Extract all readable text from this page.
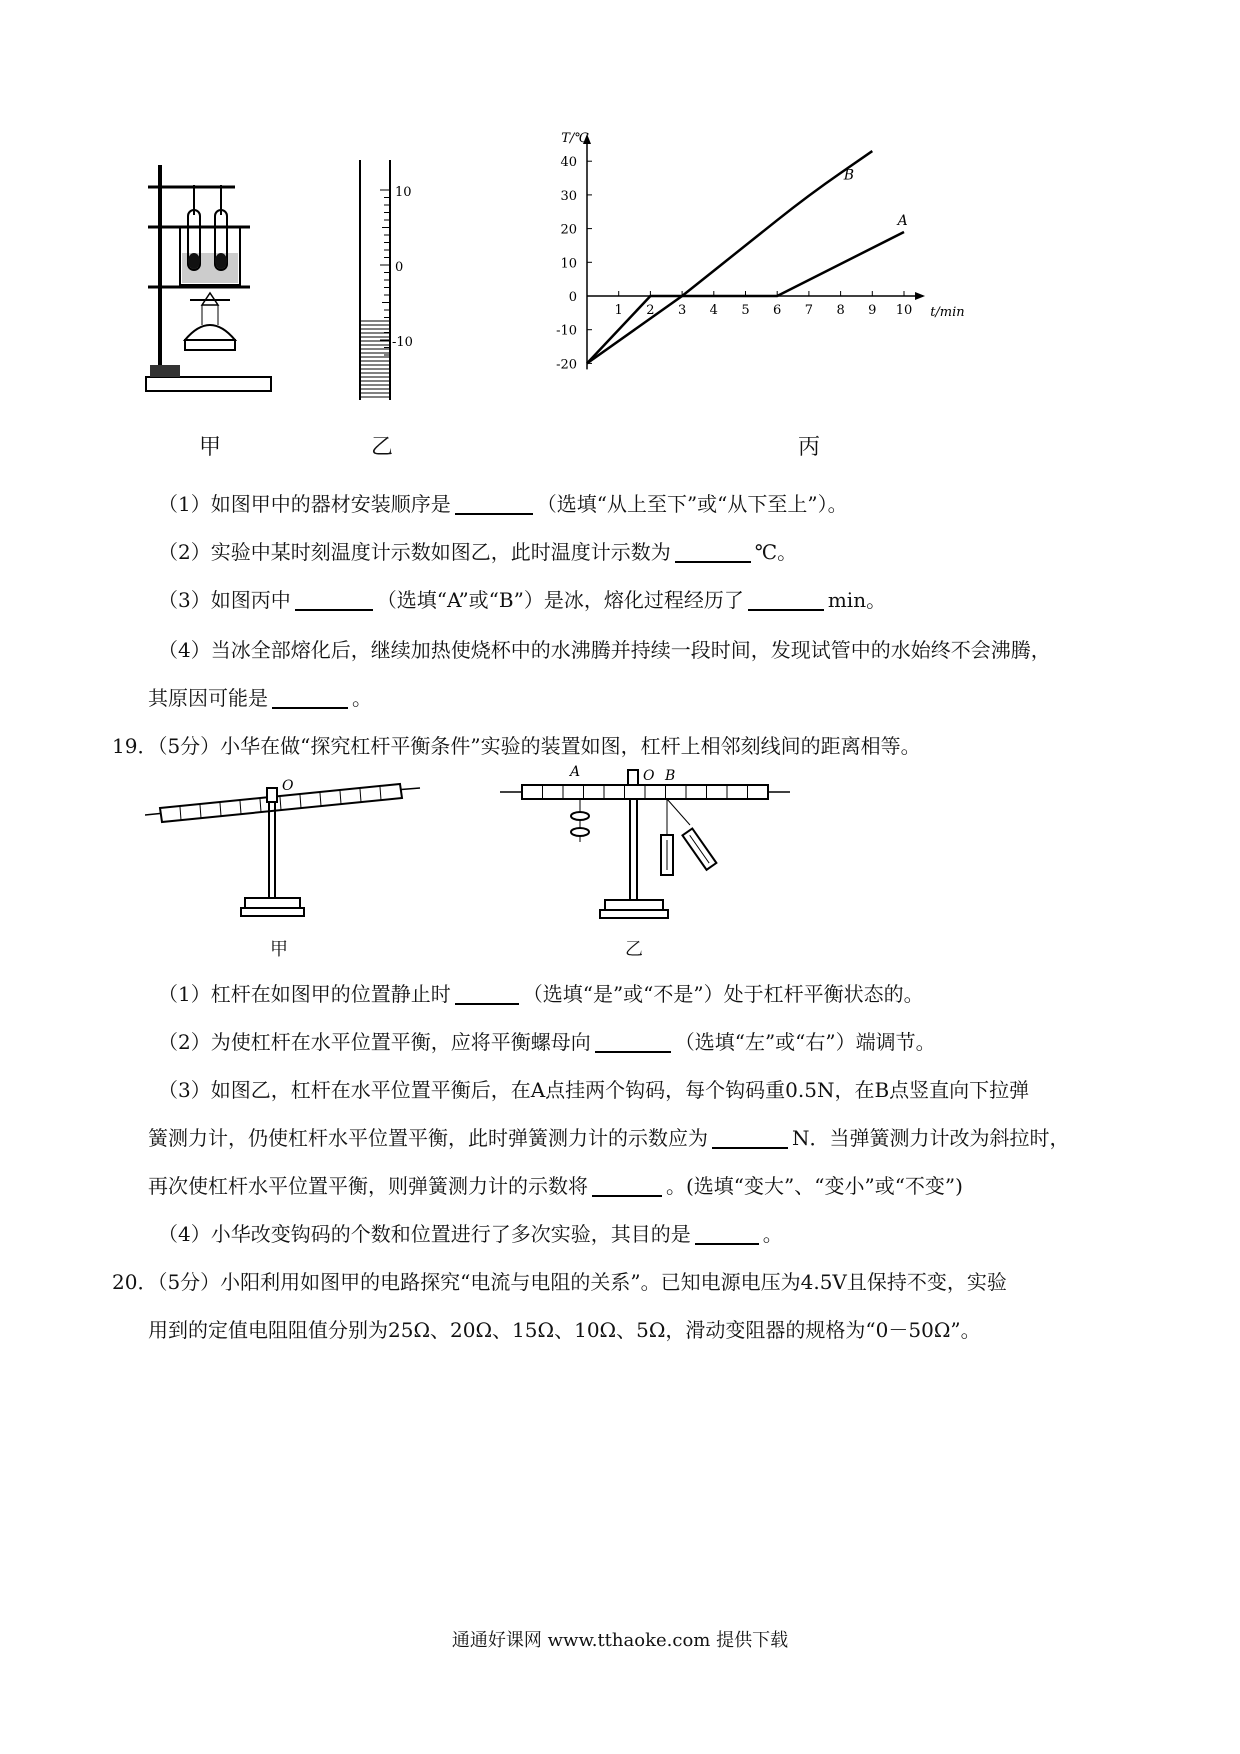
甲
10
0
-10
乙
40
30
20
10
0
-10
-20
1 2 3 4 5 6 7 8 9 10
T/℃
t/min
A
B
丙
（1）如图甲中的器材安装顺序是	（选填“从上至下”或“从下至上”）。
（2）实验中某时刻温度计示数如图乙，此时温度计示数为	℃。
（3）如图丙中	（选填“A”或“B”）是冰，熔化过程经历了	min。
（4）当冰全部熔化后，继续加热使烧杯中的水沸腾并持续一段时间，发现试管中的水始终不会沸腾，
其原因可能是	。
19．（5分）小华在做“探究杠杆平衡条件”实验的装置如图，杠杆上相邻刻线间的距离相等。
O
甲
A	O B
乙
（1）杠杆在如图甲的位置静止时	（选填“是”或“不是”）处于杠杆平衡状态的。
（2）为使杠杆在水平位置平衡，应将平衡螺母向	（选填“左”或“右”）端调节。
（3）如图乙，杠杆在水平位置平衡后，在A点挂两个钩码，每个钩码重0.5N，在B点竖直向下拉弹
簧测力计，仍使杠杆水平位置平衡，此时弹簧测力计的示数应为	N．当弹簧测力计改为斜拉时，
再次使杠杆水平位置平衡，则弹簧测力计的示数将	。(选填“变大”、“变小”或“不变”)
（4）小华改变钩码的个数和位置进行了多次实验，其目的是	。
20．（5分）小阳利用如图甲的电路探究“电流与电阻的关系”。已知电源电压为4.5V且保持不变，实验
用到的定值电阻阻值分别为25Ω、20Ω、15Ω、10Ω、5Ω，滑动变阻器的规格为“0－50Ω”。
通通好课网 www.tthaoke.com 提供下载
